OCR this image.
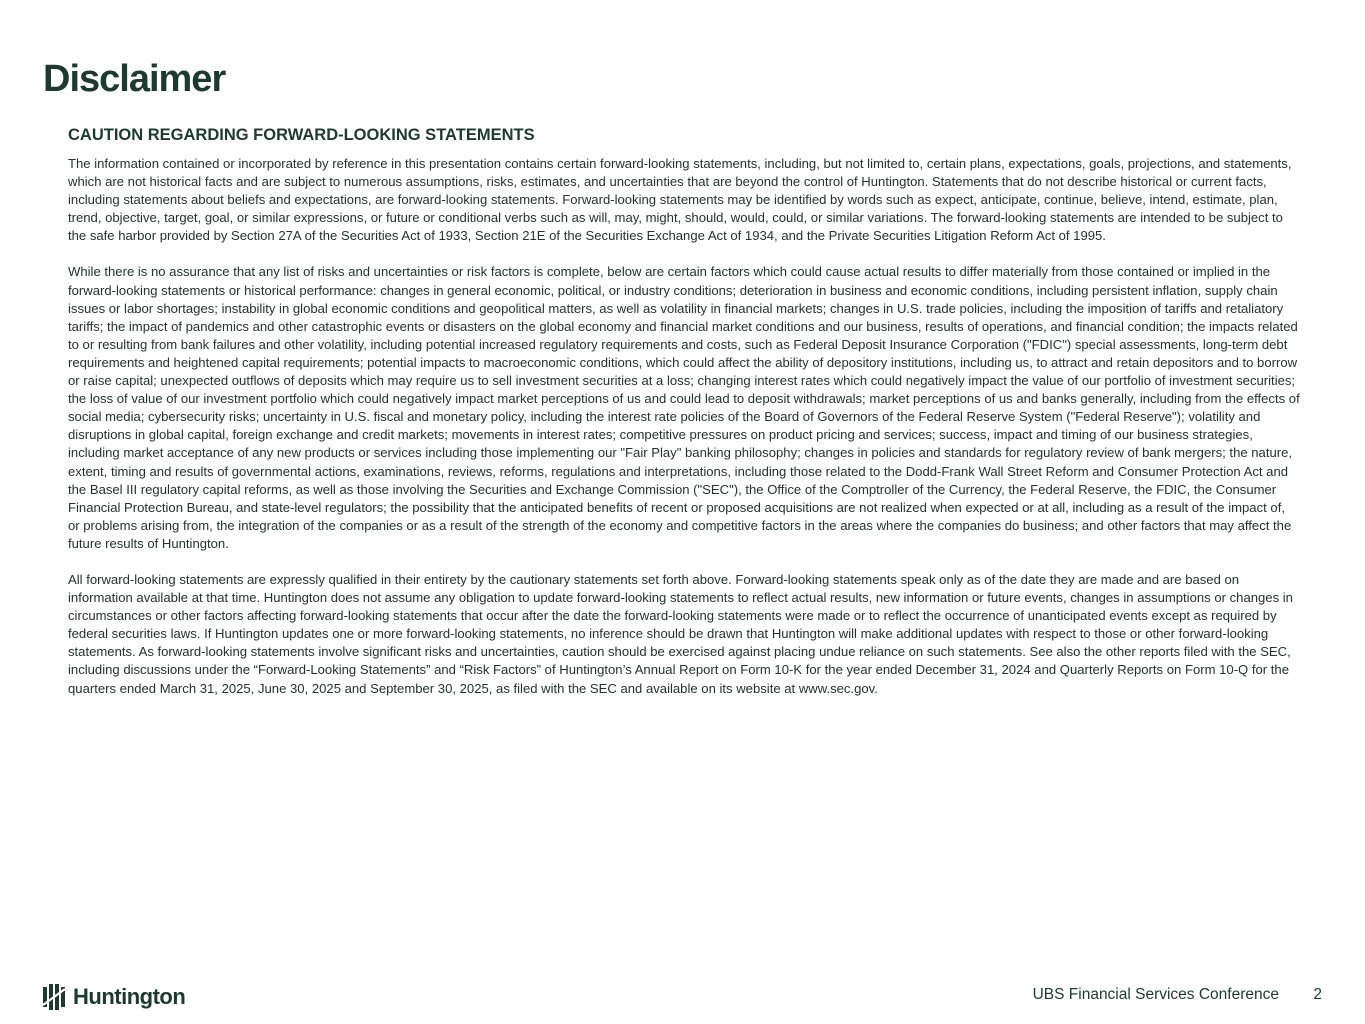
Disclaimer
CAUTION REGARDING FORWARD-LOOKING STATEMENTS

The information contained or incorporated by reference in this presentation contains certain forward-looking statements, including, but not limited to, certain plans, expectations, goals, projections, and statements, which are not historical facts and are subject to numerous assumptions, risks, estimates, and uncertainties that are beyond the control of Huntington. Statements that do not describe historical or current facts, including statements about beliefs and expectations, are forward-looking statements. Forward-looking statements may be identified by words such as expect, anticipate, continue, believe, intend, estimate, plan, trend, objective, target, goal, or similar expressions, or future or conditional verbs such as will, may, might, should, would, could, or similar variations. The forward-looking statements are intended to be subject to the safe harbor provided by Section 27A of the Securities Act of 1933, Section 21E of the Securities Exchange Act of 1934, and the Private Securities Litigation Reform Act of 1995.

While there is no assurance that any list of risks and uncertainties or risk factors is complete, below are certain factors which could cause actual results to differ materially from those contained or implied in the forward-looking statements or historical performance: changes in general economic, political, or industry conditions; deterioration in business and economic conditions, including persistent inflation, supply chain issues or labor shortages; instability in global economic conditions and geopolitical matters, as well as volatility in financial markets; changes in U.S. trade policies, including the imposition of tariffs and retaliatory tariffs; the impact of pandemics and other catastrophic events or disasters on the global economy and financial market conditions and our business, results of operations, and financial condition; the impacts related to or resulting from bank failures and other volatility, including potential increased regulatory requirements and costs, such as Federal Deposit Insurance Corporation ("FDIC") special assessments, long-term debt requirements and heightened capital requirements; potential impacts to macroeconomic conditions, which could affect the ability of depository institutions, including us, to attract and retain depositors and to borrow or raise capital; unexpected outflows of deposits which may require us to sell investment securities at a loss; changing interest rates which could negatively impact the value of our portfolio of investment securities; the loss of value of our investment portfolio which could negatively impact market perceptions of us and could lead to deposit withdrawals; market perceptions of us and banks generally, including from the effects of social media; cybersecurity risks; uncertainty in U.S. fiscal and monetary policy, including the interest rate policies of the Board of Governors of the Federal Reserve System ("Federal Reserve"); volatility and disruptions in global capital, foreign exchange and credit markets; movements in interest rates; competitive pressures on product pricing and services; success, impact and timing of our business strategies, including market acceptance of any new products or services including those implementing our "Fair Play" banking philosophy; changes in policies and standards for regulatory review of bank mergers; the nature, extent, timing and results of governmental actions, examinations, reviews, reforms, regulations and interpretations, including those related to the Dodd-Frank Wall Street Reform and Consumer Protection Act and the Basel III regulatory capital reforms, as well as those involving the Securities and Exchange Commission ("SEC"), the Office of the Comptroller of the Currency, the Federal Reserve, the FDIC, the Consumer Financial Protection Bureau, and state-level regulators; the possibility that the anticipated benefits of recent or proposed acquisitions are not realized when expected or at all, including as a result of the impact of, or problems arising from, the integration of the companies or as a result of the strength of the economy and competitive factors in the areas where the companies do business; and other factors that may affect the future results of Huntington.

All forward-looking statements are expressly qualified in their entirety by the cautionary statements set forth above. Forward-looking statements speak only as of the date they are made and are based on information available at that time. Huntington does not assume any obligation to update forward-looking statements to reflect actual results, new information or future events, changes in assumptions or changes in circumstances or other factors affecting forward-looking statements that occur after the date the forward-looking statements were made or to reflect the occurrence of unanticipated events except as required by federal securities laws. If Huntington updates one or more forward-looking statements, no inference should be drawn that Huntington will make additional updates with respect to those or other forward-looking statements. As forward-looking statements involve significant risks and uncertainties, caution should be exercised against placing undue reliance on such statements. See also the other reports filed with the SEC, including discussions under the “Forward-Looking Statements” and “Risk Factors” of Huntington’s Annual Report on Form 10-K for the year ended December 31, 2024 and Quarterly Reports on Form 10-Q for the quarters ended March 31, 2025, June 30, 2025 and September 30, 2025, as filed with the SEC and available on its website at www.sec.gov.

Huntington	UBS Financial Services Conference 2
